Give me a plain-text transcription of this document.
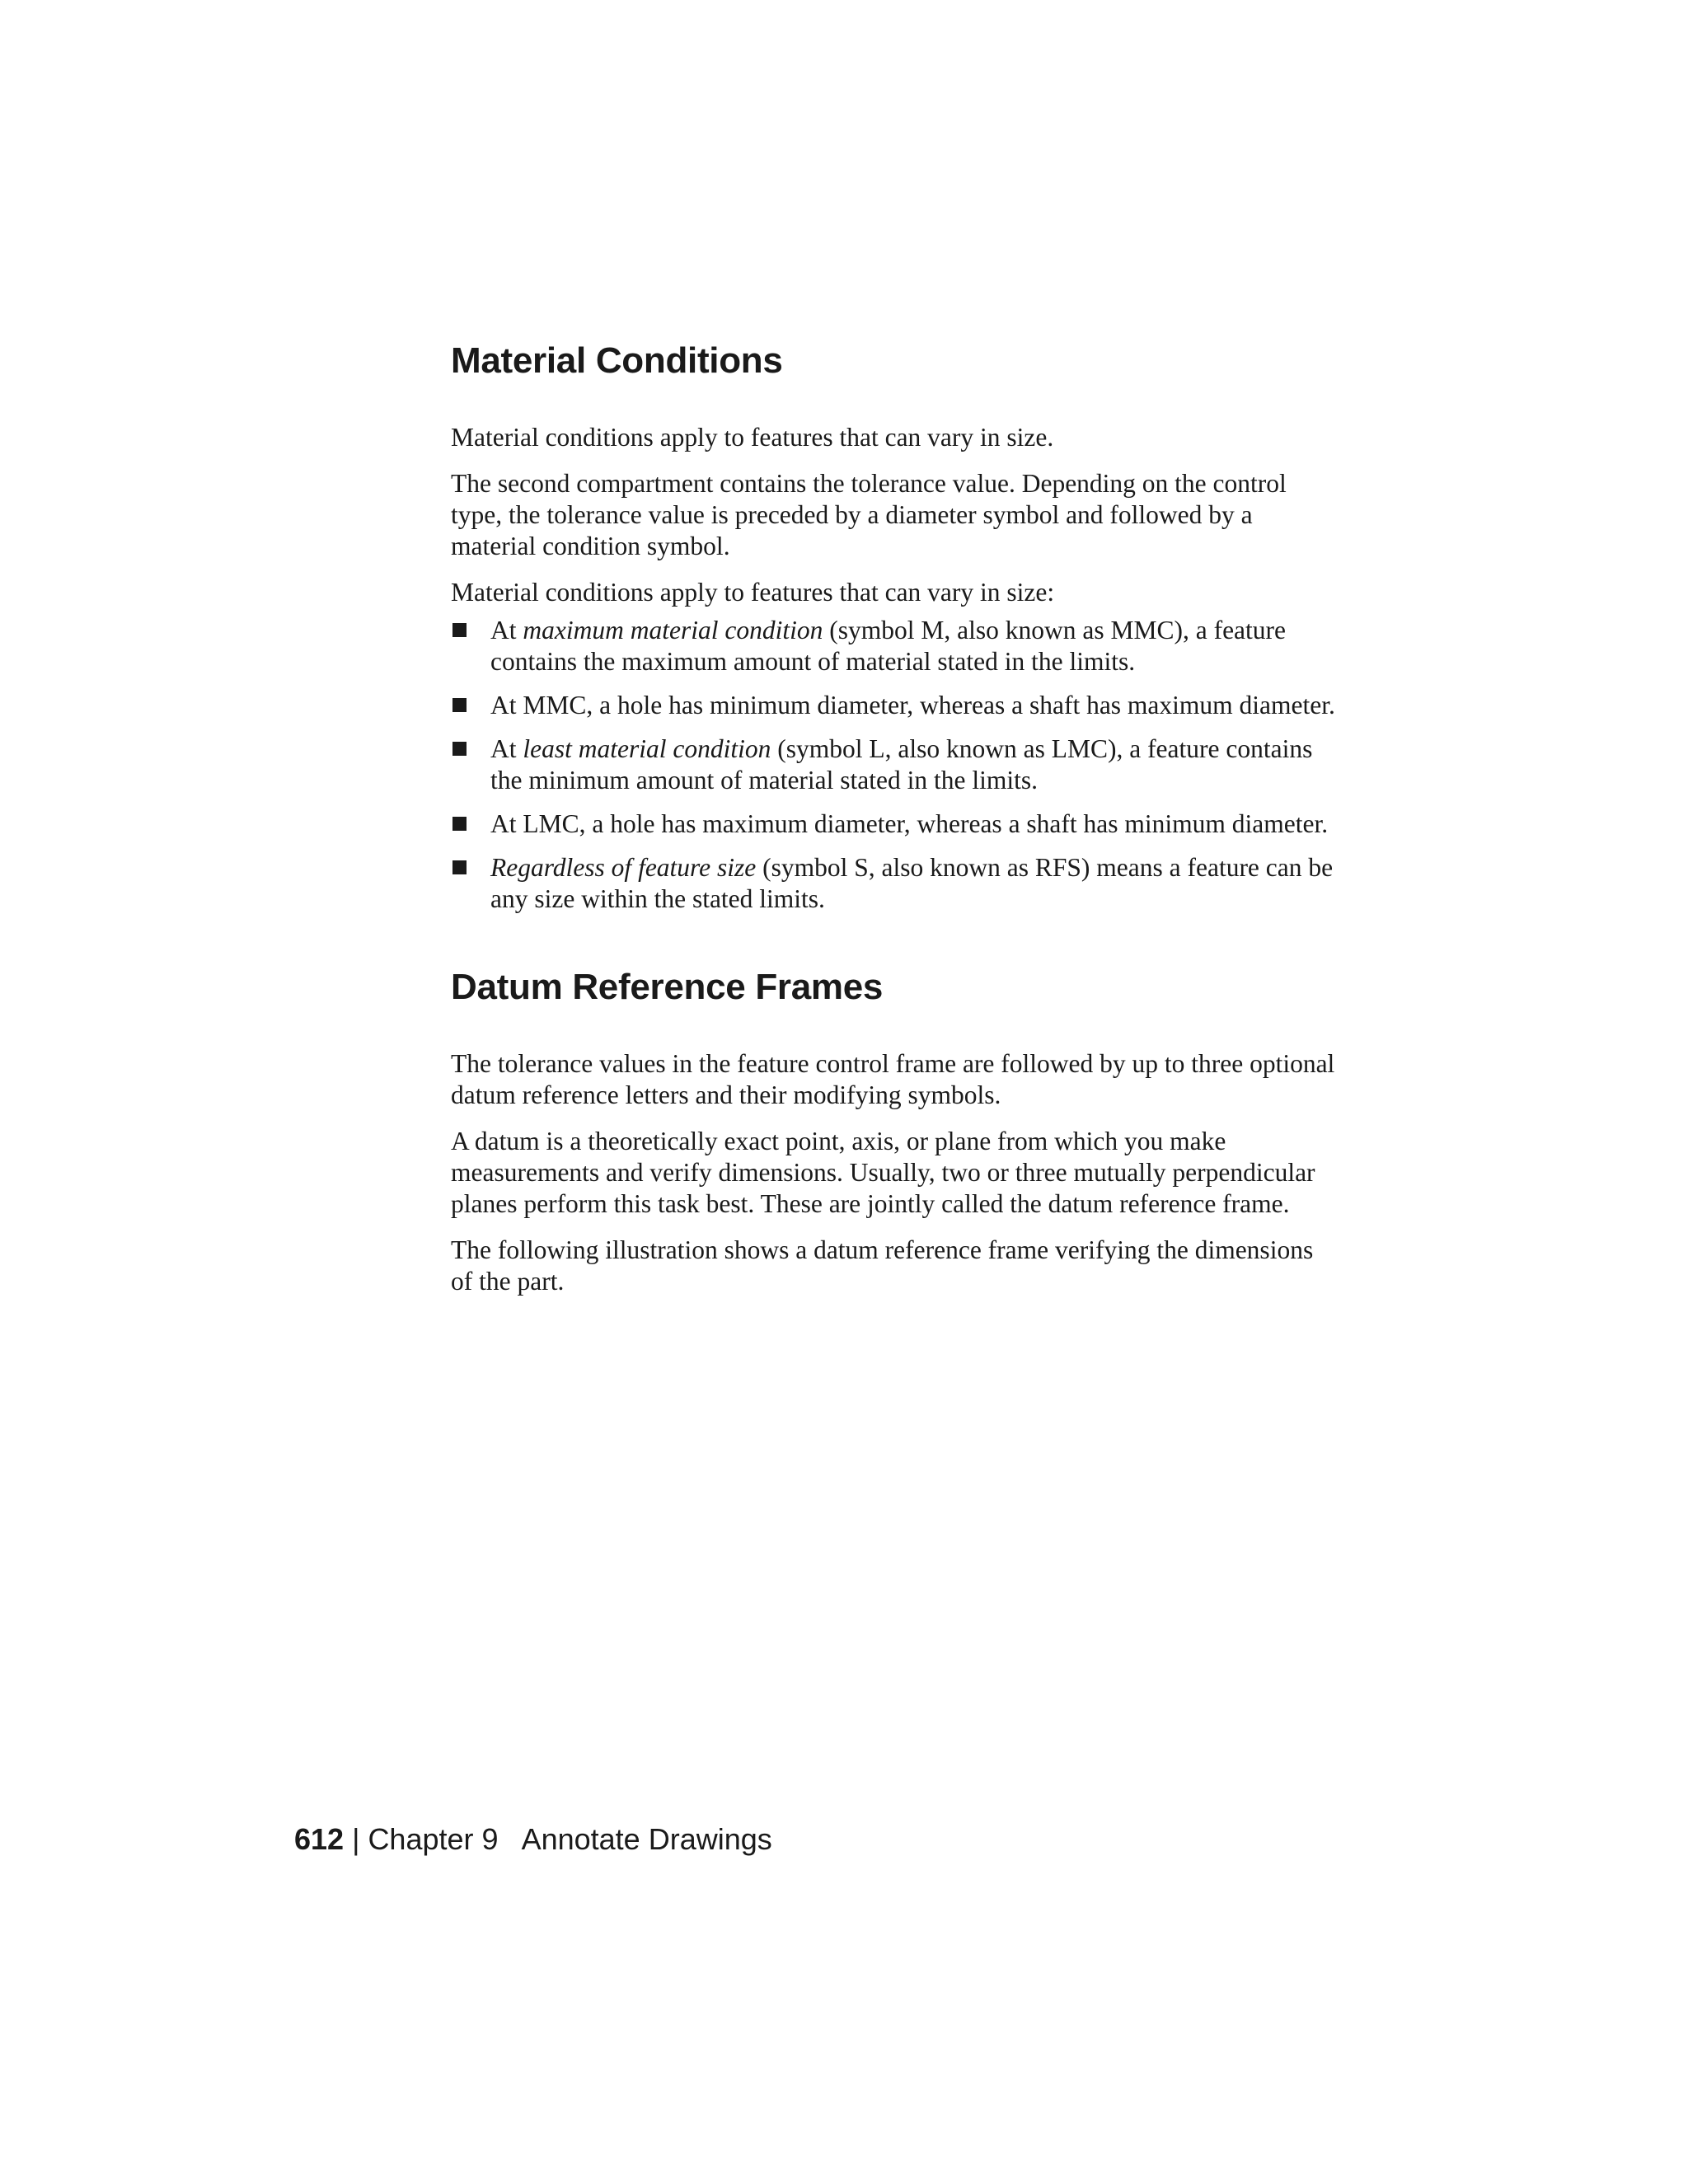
Material Conditions

Material conditions apply to features that can vary in size.

The second compartment contains the tolerance value. Depending on the control type, the tolerance value is preceded by a diameter symbol and followed by a material condition symbol.

Material conditions apply to features that can vary in size:

At maximum material condition (symbol M, also known as MMC), a feature contains the maximum amount of material stated in the limits.
At MMC, a hole has minimum diameter, whereas a shaft has maximum diameter.
At least material condition (symbol L, also known as LMC), a feature contains the minimum amount of material stated in the limits.
At LMC, a hole has maximum diameter, whereas a shaft has minimum diameter.
Regardless of feature size (symbol S, also known as RFS) means a feature can be any size within the stated limits.
Datum Reference Frames

The tolerance values in the feature control frame are followed by up to three optional datum reference letters and their modifying symbols.

A datum is a theoretically exact point, axis, or plane from which you make measurements and verify dimensions. Usually, two or three mutually perpendicular planes perform this task best. These are jointly called the datum reference frame.

The following illustration shows a datum reference frame verifying the dimensions of the part.

612 | Chapter 9 Annotate Drawings
